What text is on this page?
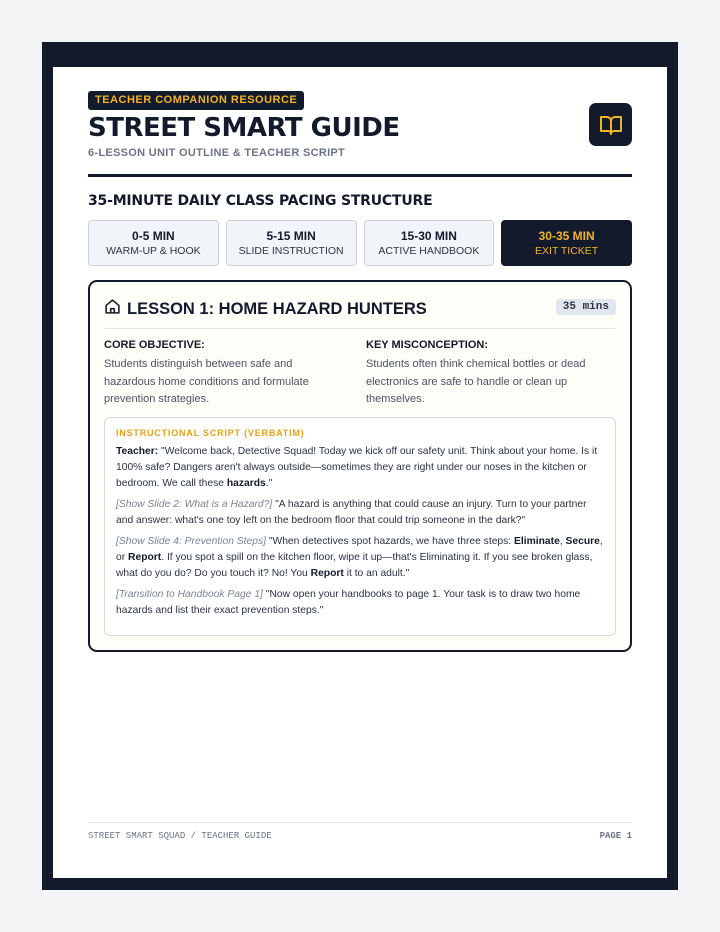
TEACHER COMPANION RESOURCE
STREET SMART GUIDE
6-LESSON UNIT OUTLINE & TEACHER SCRIPT
35-MINUTE DAILY CLASS PACING STRUCTURE
0-5 MIN
WARM-UP & HOOK
5-15 MIN
SLIDE INSTRUCTION
15-30 MIN
ACTIVE HANDBOOK
30-35 MIN
EXIT TICKET
LESSON 1: HOME HAZARD HUNTERS	35 mins
CORE OBJECTIVE:

Students distinguish between safe and hazardous home conditions and formulate prevention strategies.

KEY MISCONCEPTION:

Students often think chemical bottles or dead electronics are safe to handle or clean up themselves.

INSTRUCTIONAL SCRIPT (VERBATIM)

Teacher: "Welcome back, Detective Squad! Today we kick off our safety unit. Think about your home. Is it 100% safe? Dangers aren't always outside—sometimes they are right under our noses in the kitchen or bedroom. We call these hazards."

[Show Slide 2: What is a Hazard?] "A hazard is anything that could cause an injury. Turn to your partner and answer: what's one toy left on the bedroom floor that could trip someone in the dark?"

[Show Slide 4: Prevention Steps] "When detectives spot hazards, we have three steps: Eliminate, Secure, or Report. If you spot a spill on the kitchen floor, wipe it up—that's Eliminating it. If you see broken glass, what do you do? Do you touch it? No! You Report it to an adult."

[Transition to Handbook Page 1] "Now open your handbooks to page 1. Your task is to draw two home hazards and list their exact prevention steps."

STREET SMART SQUAD / TEACHER GUIDE	PAGE 1
